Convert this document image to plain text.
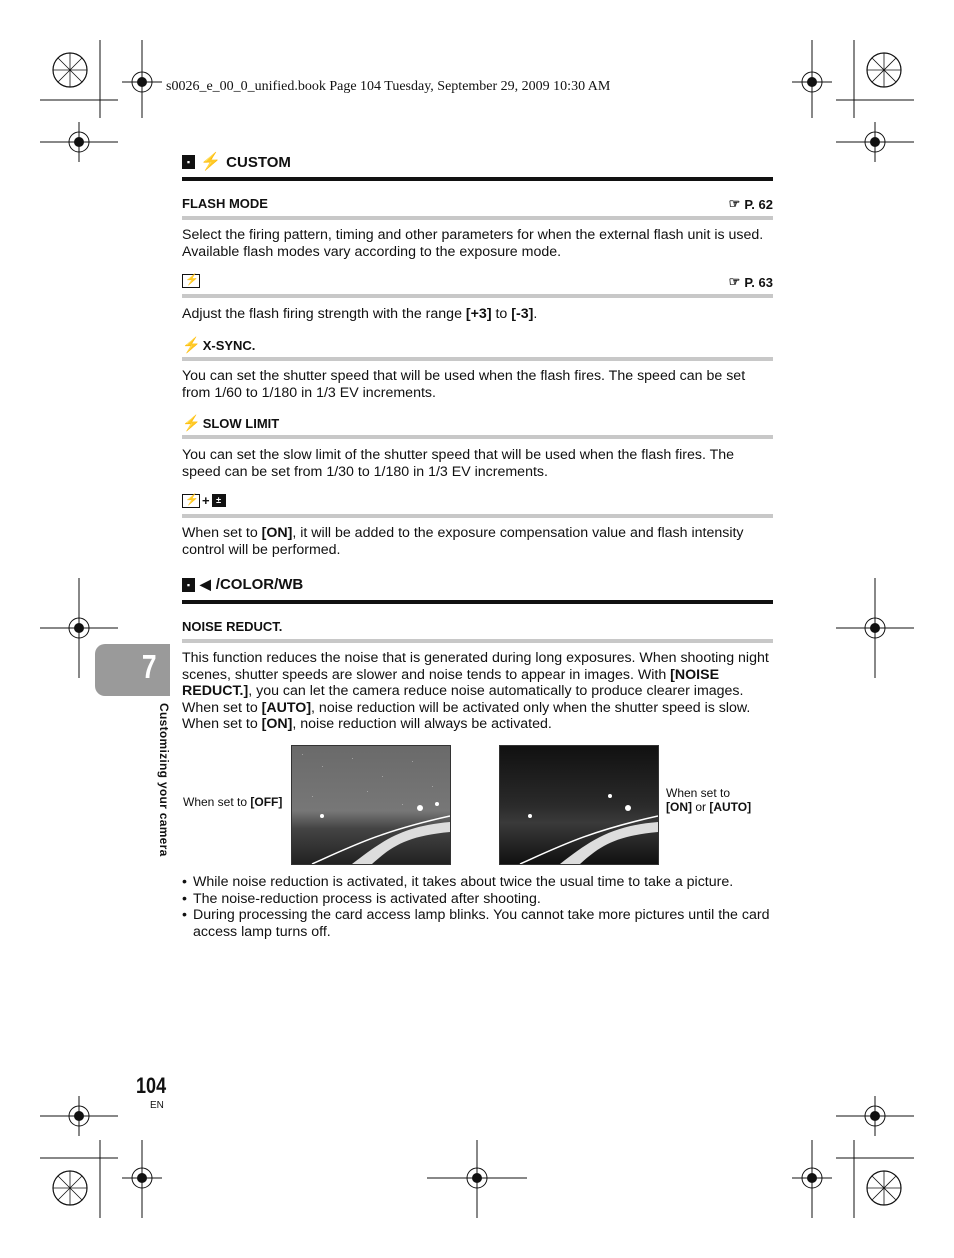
s0026_e_00_0_unified.book Page 104 Tuesday, September 29, 2009 10:30 AM
▪ ⚡ CUSTOM
FLASH MODE	☞ P. 62
Select the firing pattern, timing and other parameters for when the external flash unit is used. Available flash modes vary according to the exposure mode.
⚡	☞ P. 63
Adjust the flash firing strength with the range [+3] to [-3].
⚡ X-SYNC.
You can set the shutter speed that will be used when the flash fires. The speed can be set from 1/60 to 1/180 in 1/3 EV increments.
⚡ SLOW LIMIT
You can set the slow limit of the shutter speed that will be used when the flash fires. The speed can be set from 1/30 to 1/180 in 1/3 EV increments.
⚡ + ±
When set to [ON], it will be added to the exposure compensation value and flash intensity control will be performed.
▪ ◀ /COLOR/WB
NOISE REDUCT.
This function reduces the noise that is generated during long exposures. When shooting night scenes, shutter speeds are slower and noise tends to appear in images. With [NOISE REDUCT.], you can let the camera reduce noise automatically to produce clearer images. When set to [AUTO], noise reduction will be activated only when the shutter speed is slow. When set to [ON], noise reduction will always be activated.
When set to [OFF]
When set to
[ON] or [AUTO]
• While noise reduction is activated, it takes about twice the usual time to take a picture.
• The noise-reduction process is activated after shooting.
• During processing the card access lamp blinks. You cannot take more pictures until the card access lamp turns off.
7
Customizing your camera
104
EN
